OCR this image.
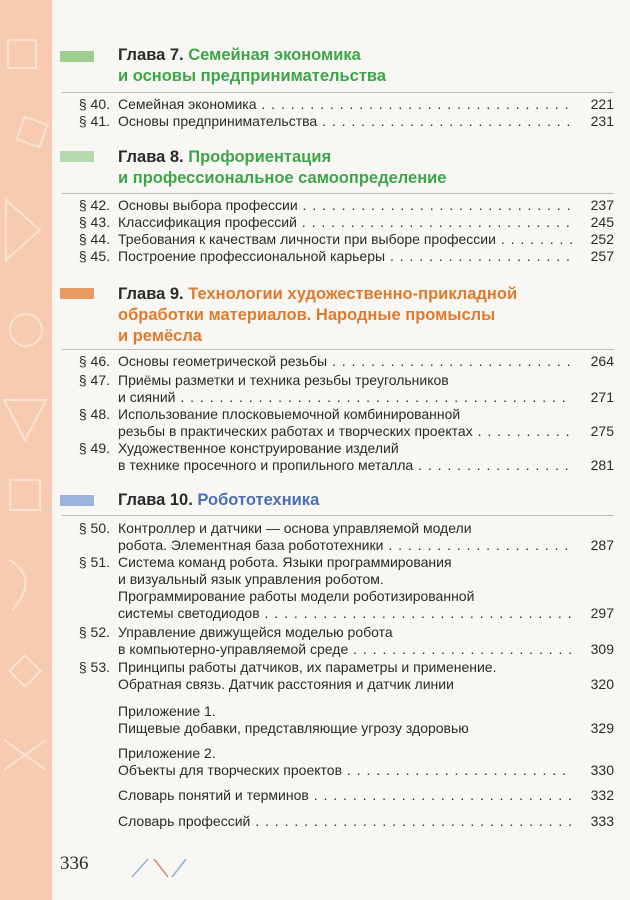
Глава 7. Семейная экономика
и основы предпринимательства
§ 40. Семейная экономика . . .	221
§ 41. Основы предпринимательства . . .	231
Глава 8. Профориентация
и профессиональное самоопределение
§ 42. Основы выбора профессии . . .	237
§ 43. Классификация профессий . . .	245
§ 44. Требования к качествам личности при выборе профессии . . .	252
§ 45. Построение профессиональной карьеры . . .	257
Глава 9. Технологии художественно-прикладной
обработки материалов. Народные промыслы
и ремёсла
§ 46. Основы геометрической резьбы . . .	264
§ 47. Приёмы разметки и техника резьбы треугольников
и сияний . . .	271
§ 48. Использование плосковыемочной комбинированной
резьбы в практических работах и творческих проектах . . .	275
§ 49. Художественное конструирование изделий
в технике просечного и пропильного металла . . .	281
Глава 10. Робототехника
§ 50. Контроллер и датчики — основа управляемой модели
робота. Элементная база робототехники . . .	287
§ 51. Система команд робота. Языки программирования
и визуальный язык управления роботом.
Программирование работы модели роботизированной
системы светодиодов . . .	297
§ 52. Управление движущейся моделью робота
в компьютерно-управляемой среде . . .	309
§ 53. Принципы работы датчиков, их параметры и применение.
Обратная связь. Датчик расстояния и датчик линии	320
Приложение 1.
Пищевые добавки, представляющие угрозу здоровью	329
Приложение 2.
Объекты для творческих проектов . . .	330
Словарь понятий и терминов . . .	332
Словарь профессий . . .	333
336
